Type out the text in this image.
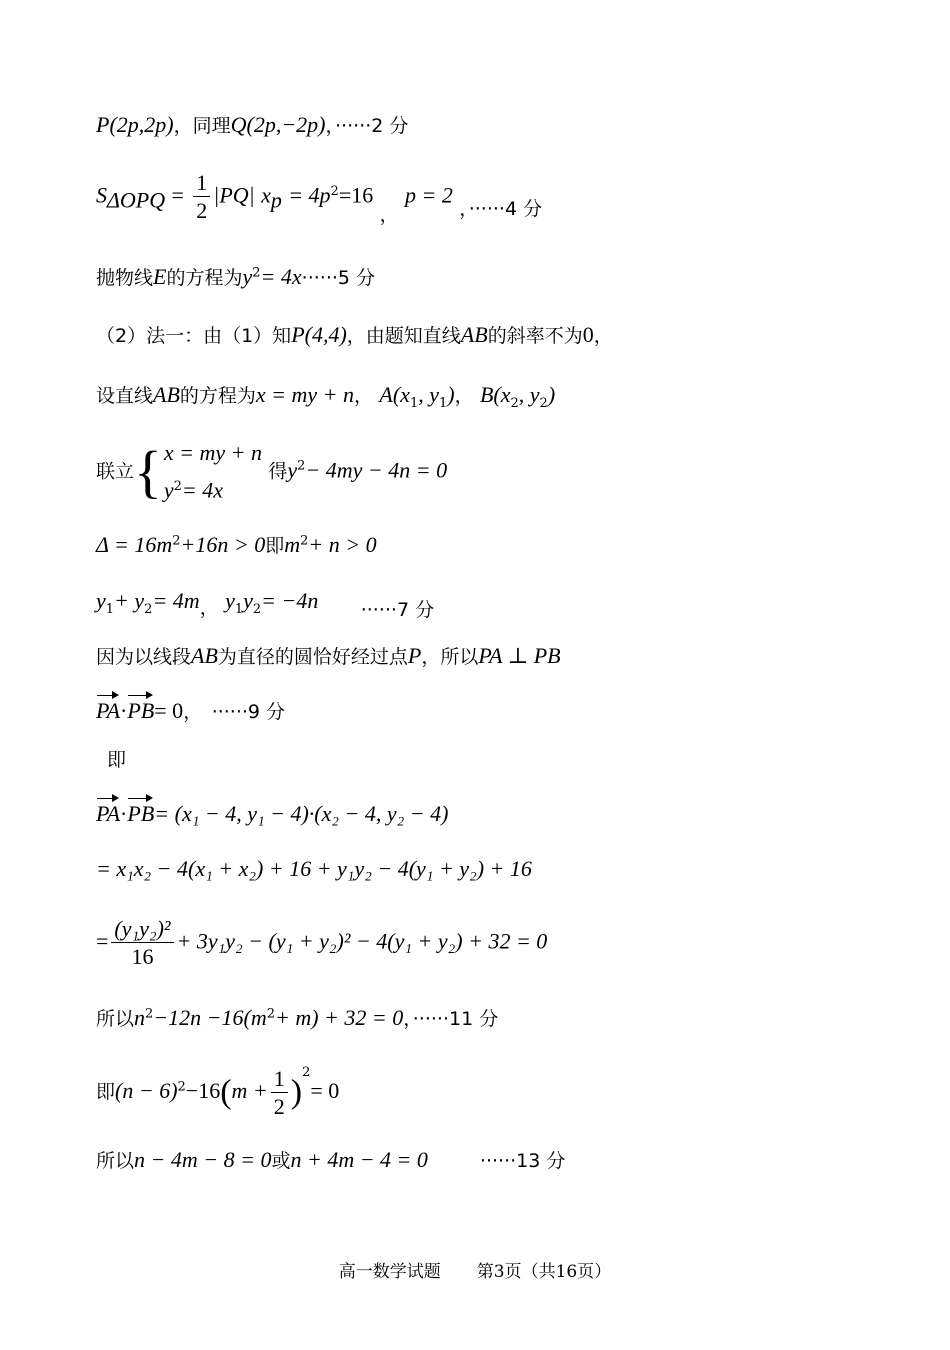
P(2p,2p)，同理Q(2p,−2p)，······2 分
$S_{\Delta OPQ} = \frac{1}{2} |PQ|$ $x_p = 4p^2=16$ ， p = 2 ，······4 分
抛物线E的方程为$y^2= 4x\cdot\cdot\cdot\cdot\cdot\cdot 5$ 分
（2）法一：由（1）知P(4,4)，由题知直线AB的斜率不为0，
设直线AB的方程为x = my + n， $A(x_1$, $y_1$)， $B(x_2$, $y_2$)
联立{ x = my + n
$y^2= 4x$
得$y^2- 4my - 4n = 0$
$\Delta = 16m^2+16n > 0$即$m^2+ n > 0$
$y_1+ y_2= 4m$， $y_1y_2= -4n \cdot\cdot\cdot\cdot\cdot\cdot 7$ 分
因为以线段AB为直径的圆恰好经过点P，所以PA ⊥ PB
PA·PB= 0，　······9 分
即
PA·PB= (x₁ − 4, y₁ − 4)·(x₂ − 4, y₂ − 4)
= x₁x₂ − 4(x₁ + x₂) + 16 + y₁y₂ − 4(y₁ + y₂) + 16
= $\frac{\text{(y₁y₂)²}}{16} + 3y_1y_2 - (y_1 + y_2)^2 - 4(y_1 + y_2) + 32 = 0$
所以$n^2-12n -16(m^2+ m) + 32 = 0$，······11 分
即$(n - 6)^2-16(m + \frac{1}{2} )^2= 0$
所以n − 4m − 8 = 0或n + 4m − 4 = 0	······13 分
高一数学试题 第3页（共16页）
